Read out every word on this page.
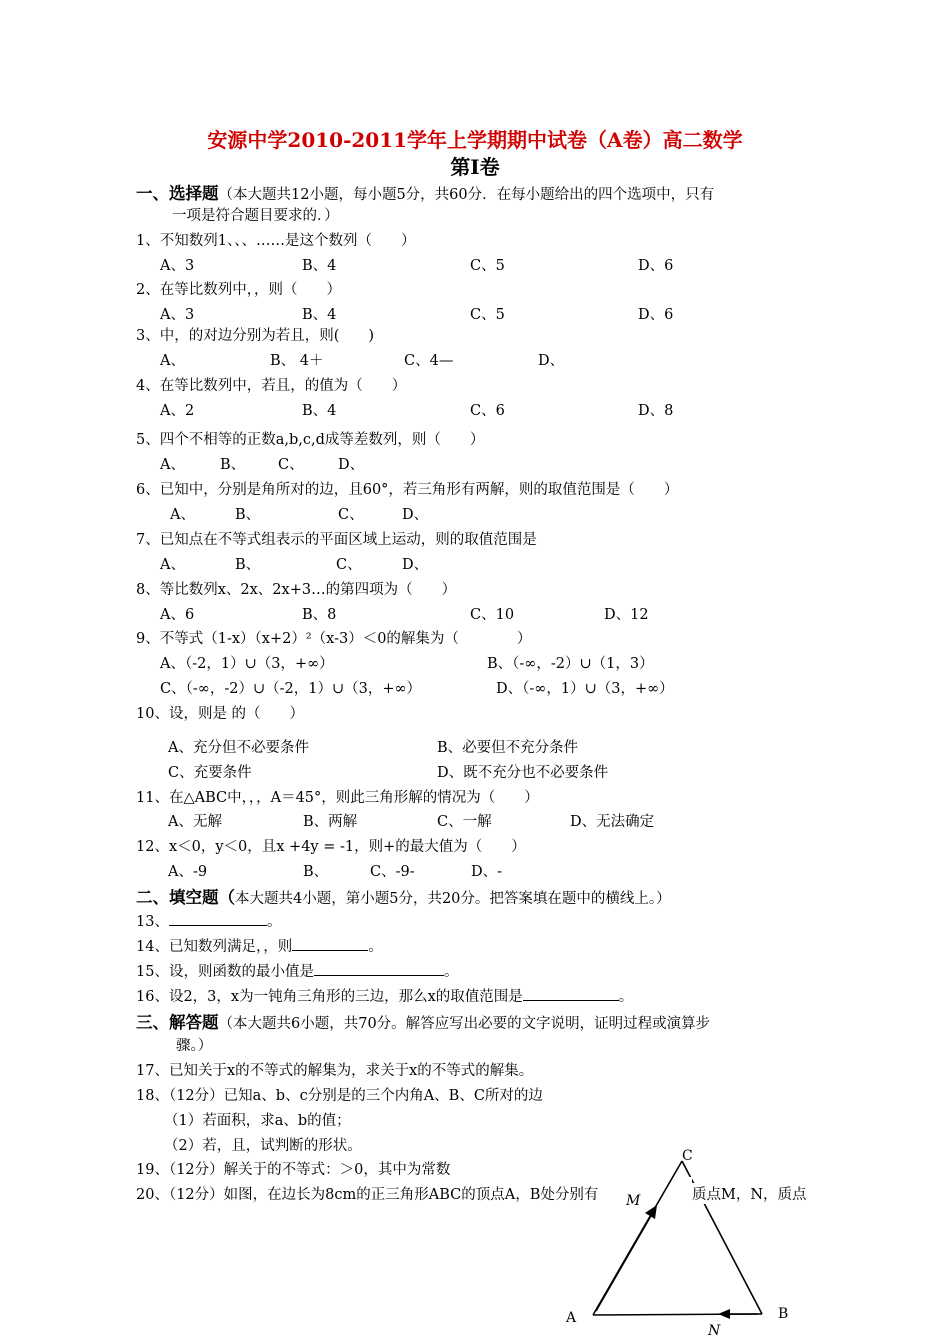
安源中学2010-2011学年上学期期中试卷（A卷）高二数学
第Ⅰ卷
一、选择题（本大题共12小题，每小题5分，共60分．在每小题给出的四个选项中，只有
一项是符合题目要求的．）
1、不知数列1、、、……是这个数列（　　）
A、3	B、4	C、5	D、6
2、在等比数列中，，则（　　）
A、3	B、4	C、5	D、6
3、中，的对边分别为若且，则(　　)
A、	B、 4＋	C、4—	D、
4、在等比数列中，若且，的值为（　　）
A、2	B、4	C、6	D、8
5、四个不相等的正数a,b,c,d成等差数列，则（　　）
A、 B、 C、 D、
6、已知中，分别是角所对的边，且60°，若三角形有两解，则的取值范围是（　　）
A、	B、	C、	D、
7、已知点在不等式组表示的平面区域上运动，则的取值范围是
A、	B、	C、	D、
8、等比数列x、2x、2x+3…的第四项为（　　）
A、6	B、8	C、10	D、12
9、不等式（1-x）（x+2）²（x-3）＜0的解集为（　　　　）
A、（-2，1）∪（3，+∞）	B、（-∞，-2）∪（1，3）
C、（-∞，-2）∪（-2，1）∪（3，+∞）	D、（-∞，1）∪（3，+∞）
10、设，则是 的（　　）
A、充分但不必要条件	B、必要但不充分条件
C、充要条件	D、既不充分也不必要条件
11、在△ABC中，，，A＝45°，则此三角形解的情况为（　　）
A、无解	B、两解	C、一解	D、无法确定
12、x＜0，y＜0，且x +4y = -1，则+的最大值为（　　）
A、-9	B、	C、-9-	D、-
二、填空题（本大题共4小题，第小题5分，共20分。把答案填在题中的横线上。）
13、	。
14、已知数列满足，，则	。
15、设，则函数的最小值是	。
16、设2，3，x为一钝角三角形的三边，那么x的取值范围是	。
三、解答题（本大题共6小题，共70分。解答应写出必要的文字说明，证明过程或演算步
骤。）
17、已知关于x的不等式的解集为，求关于x的不等式的解集。
18、（12分）已知a、b、c分别是的三个内角A、B、C所对的边
（1）若面积，求a、b的值；
（2）若，且，试判断的形状。
19、（12分）解关于的不等式：＞0，其中为常数
20、（12分）如图，在边长为8cm的正三角形ABC的顶点A，B处分别有
C
A	B
M
N
质点M，N，质点
